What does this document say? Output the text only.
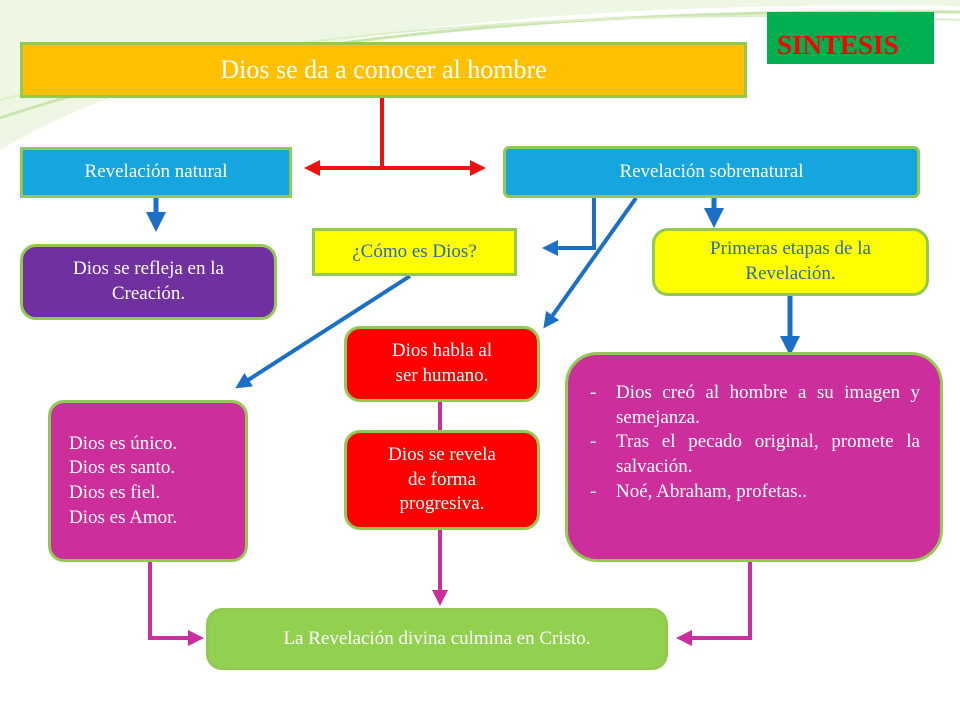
SINTESIS
Dios se da a conocer al hombre
Revelación natural	Revelación sobrenatural
Dios se refleja en la
Creación.
¿Cómo es Dios?	Primeras etapas de la
Revelación.
Dios habla al
ser humano.
Dios se revela
de forma
progresiva.
Dios es único.
Dios es santo.
Dios es fiel.
Dios es Amor.
- Dios creó al hombre a su imagen y semejanza.
- Tras el pecado original, promete la salvación.
- Noé, Abraham, profetas..
La Revelación divina culmina en Cristo.
